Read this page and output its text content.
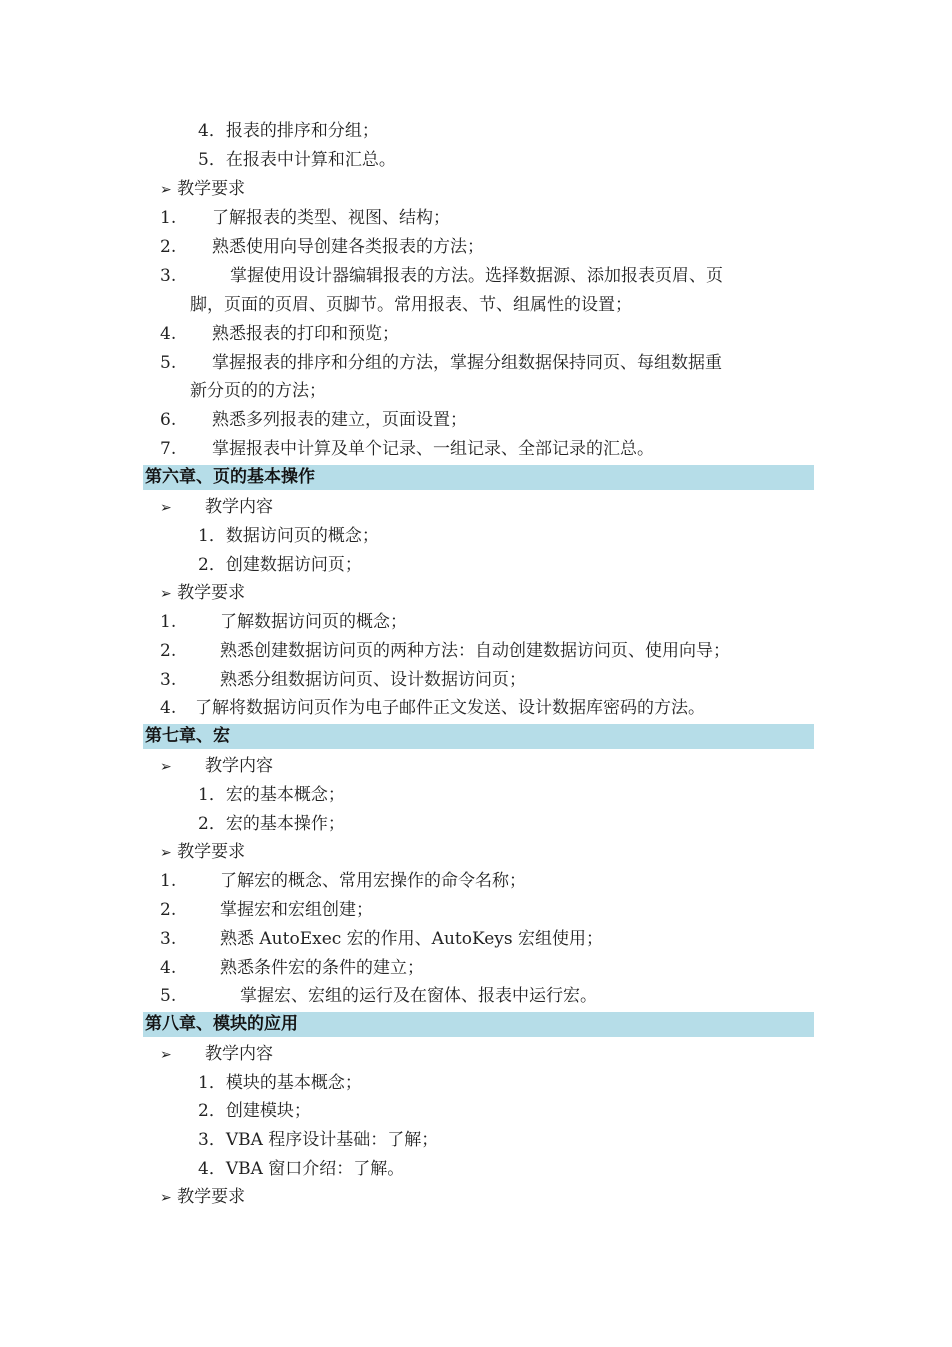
4．报表的排序和分组；
5．在报表中计算和汇总。
➢ 教学要求
1. 了解报表的类型、视图、结构；
2. 熟悉使用向导创建各类报表的方法；
3.	掌握使用设计器编辑报表的方法。选择数据源、添加报表页眉、页
脚，页面的页眉、页脚节。常用报表、节、组属性的设置；
4. 熟悉报表的打印和预览；
5. 掌握报表的排序和分组的方法，掌握分组数据保持同页、每组数据重
新分页的的方法；
6. 熟悉多列报表的建立，页面设置；
7. 掌握报表中计算及单个记录、一组记录、全部记录的汇总。
第六章、页的基本操作
➢ 教学内容
1．数据访问页的概念；
2．创建数据访问页；
➢ 教学要求
1.	了解数据访问页的概念；
2.	熟悉创建数据访问页的两种方法：自动创建数据访问页、使用向导；
3.	熟悉分组数据访问页、设计数据访问页；
4. 了解将数据访问页作为电子邮件正文发送、设计数据库密码的方法。
第七章、宏
➢ 教学内容
1．宏的基本概念；
2．宏的基本操作；
➢ 教学要求
1.	了解宏的概念、常用宏操作的命令名称；
2.	掌握宏和宏组创建；
3.	熟悉 AutoExec 宏的作用、AutoKeys 宏组使用；
4.	熟悉条件宏的条件的建立；
5.	掌握宏、宏组的运行及在窗体、报表中运行宏。
第八章、模块的应用
➢ 教学内容
1．模块的基本概念；
2．创建模块；
3．VBA 程序设计基础：了解；
4．VBA 窗口介绍：了解。
➢ 教学要求
